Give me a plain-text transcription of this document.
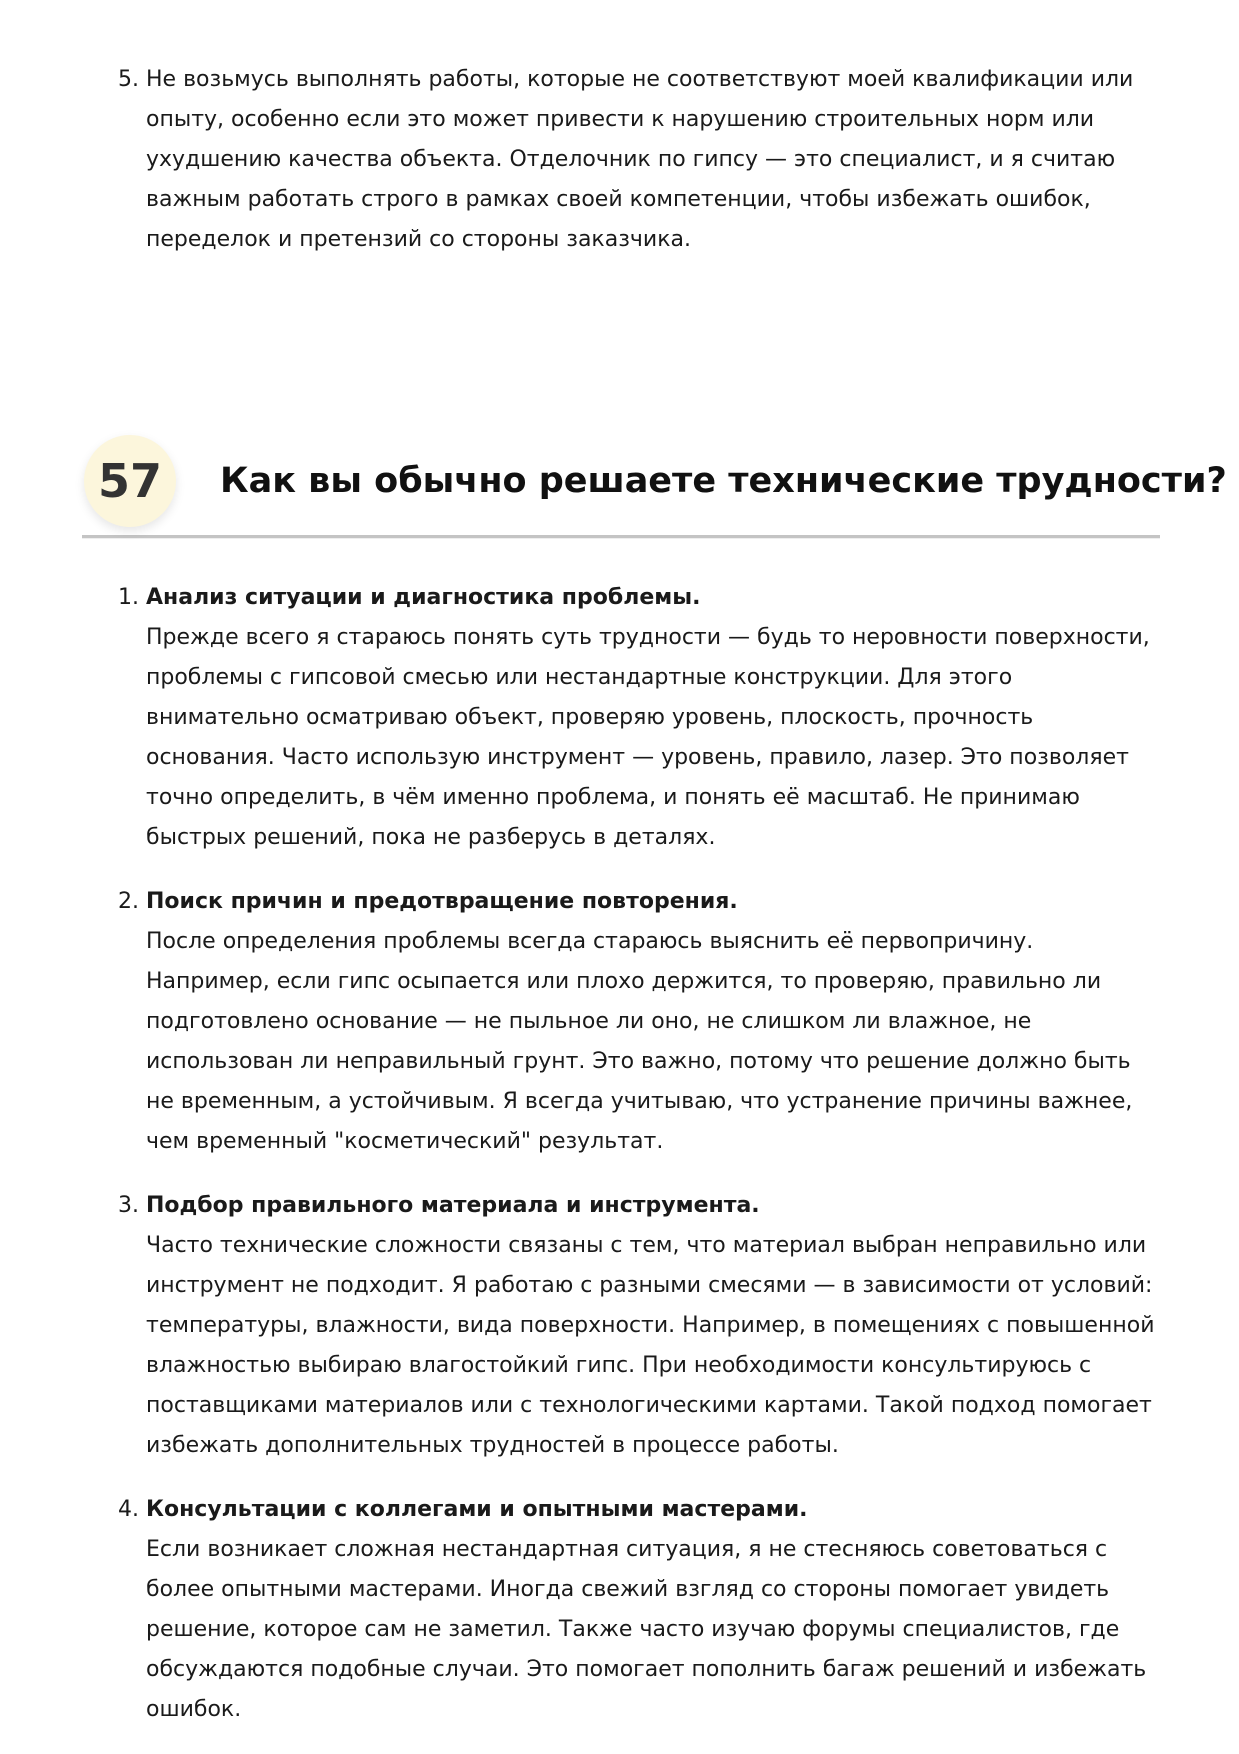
5. Не возьмусь выполнять работы, которые не соответствуют моей квалификации или опыту, особенно если это может привести к нарушению строительных норм или ухудшению качества объекта. Отделочник по гипсу — это специалист, и я считаю важным работать строго в рамках своей компетенции, чтобы избежать ошибок, переделок и претензий со стороны заказчика.
57	Как вы обычно решаете технические трудности?
1. Анализ ситуации и диагностика проблемы.
Прежде всего я стараюсь понять суть трудности — будь то неровности поверхности, проблемы с гипсовой смесью или нестандартные конструкции. Для этого внимательно осматриваю объект, проверяю уровень, плоскость, прочность основания. Часто использую инструмент — уровень, правило, лазер. Это позволяет точно определить, в чём именно проблема, и понять её масштаб. Не принимаю быстрых решений, пока не разберусь в деталях.
2. Поиск причин и предотвращение повторения.
После определения проблемы всегда стараюсь выяснить её первопричину. Например, если гипс осыпается или плохо держится, то проверяю, правильно ли подготовлено основание — не пыльное ли оно, не слишком ли влажное, не использован ли неправильный грунт. Это важно, потому что решение должно быть не временным, а устойчивым. Я всегда учитываю, что устранение причины важнее, чем временный "косметический" результат.
3. Подбор правильного материала и инструмента.
Часто технические сложности связаны с тем, что материал выбран неправильно или инструмент не подходит. Я работаю с разными смесями — в зависимости от условий: температуры, влажности, вида поверхности. Например, в помещениях с повышенной влажностью выбираю влагостойкий гипс. При необходимости консультируюсь с поставщиками материалов или с технологическими картами. Такой подход помогает избежать дополнительных трудностей в процессе работы.
4. Консультации с коллегами и опытными мастерами.
Если возникает сложная нестандартная ситуация, я не стесняюсь советоваться с более опытными мастерами. Иногда свежий взгляд со стороны помогает увидеть решение, которое сам не заметил. Также часто изучаю форумы специалистов, где обсуждаются подобные случаи. Это помогает пополнить багаж решений и избежать ошибок.
